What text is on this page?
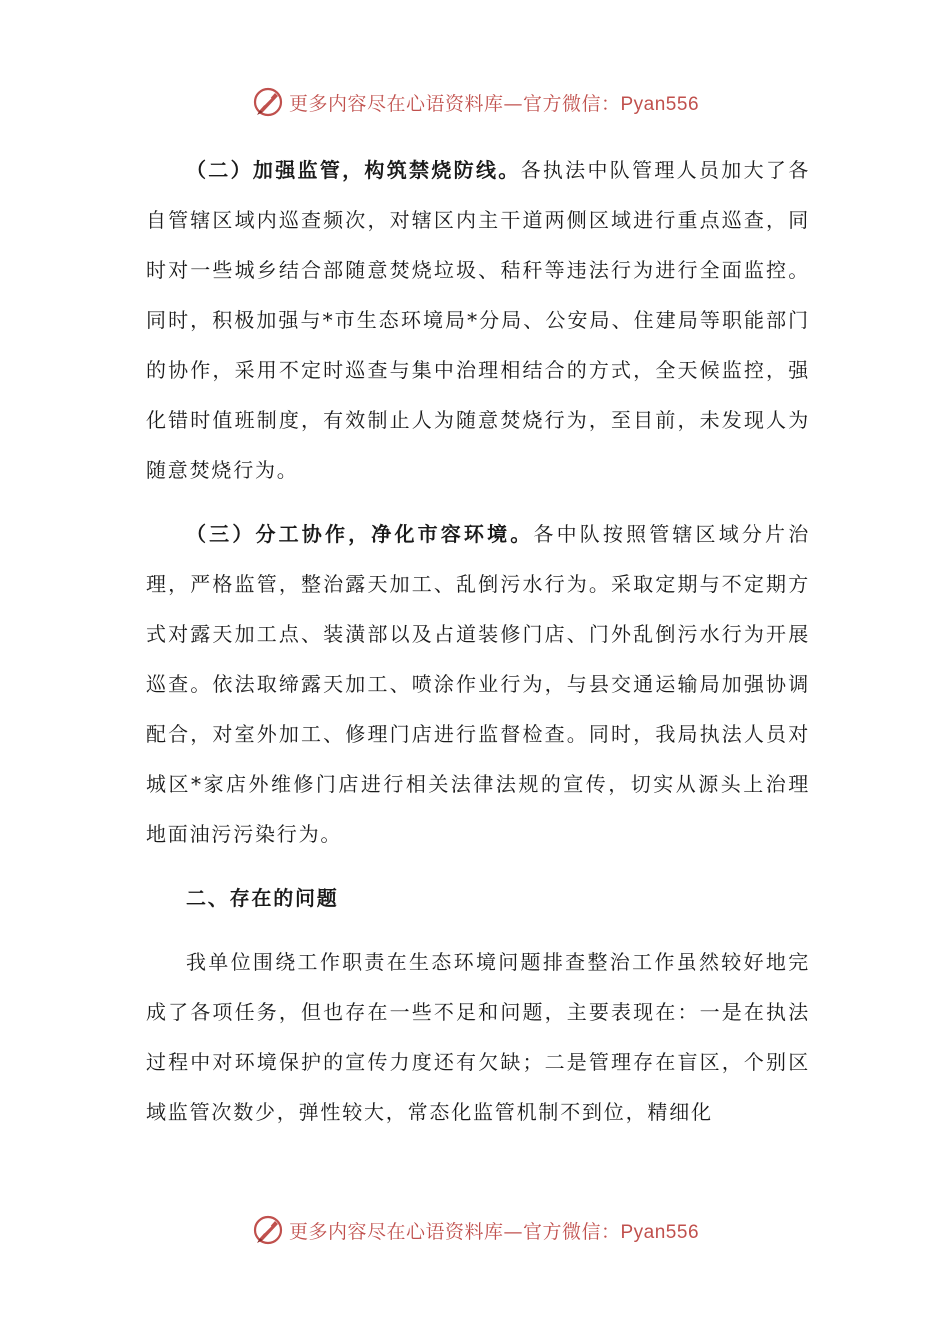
更多内容尽在心语资料库—官方微信：Pyan556

（二）加强监管，构筑禁烧防线。各执法中队管理人员加大了各自管辖区域内巡查频次，对辖区内主干道两侧区域进行重点巡查，同时对一些城乡结合部随意焚烧垃圾、秸秆等违法行为进行全面监控。同时，积极加强与*市生态环境局*分局、公安局、住建局等职能部门的协作，采用不定时巡查与集中治理相结合的方式，全天候监控，强化错时值班制度，有效制止人为随意焚烧行为，至目前，未发现人为随意焚烧行为。

（三）分工协作，净化市容环境。各中队按照管辖区域分片治理，严格监管，整治露天加工、乱倒污水行为。采取定期与不定期方式对露天加工点、装潢部以及占道装修门店、门外乱倒污水行为开展巡查。依法取缔露天加工、喷涂作业行为，与县交通运输局加强协调配合，对室外加工、修理门店进行监督检查。同时，我局执法人员对城区*家店外维修门店进行相关法律法规的宣传，切实从源头上治理地面油污污染行为。

二、存在的问题

我单位围绕工作职责在生态环境问题排查整治工作虽然较好地完成了各项任务，但也存在一些不足和问题，主要表现在：一是在执法过程中对环境保护的宣传力度还有欠缺；二是管理存在盲区，个别区域监管次数少，弹性较大，常态化监管机制不到位，精细化

更多内容尽在心语资料库—官方微信：Pyan556
